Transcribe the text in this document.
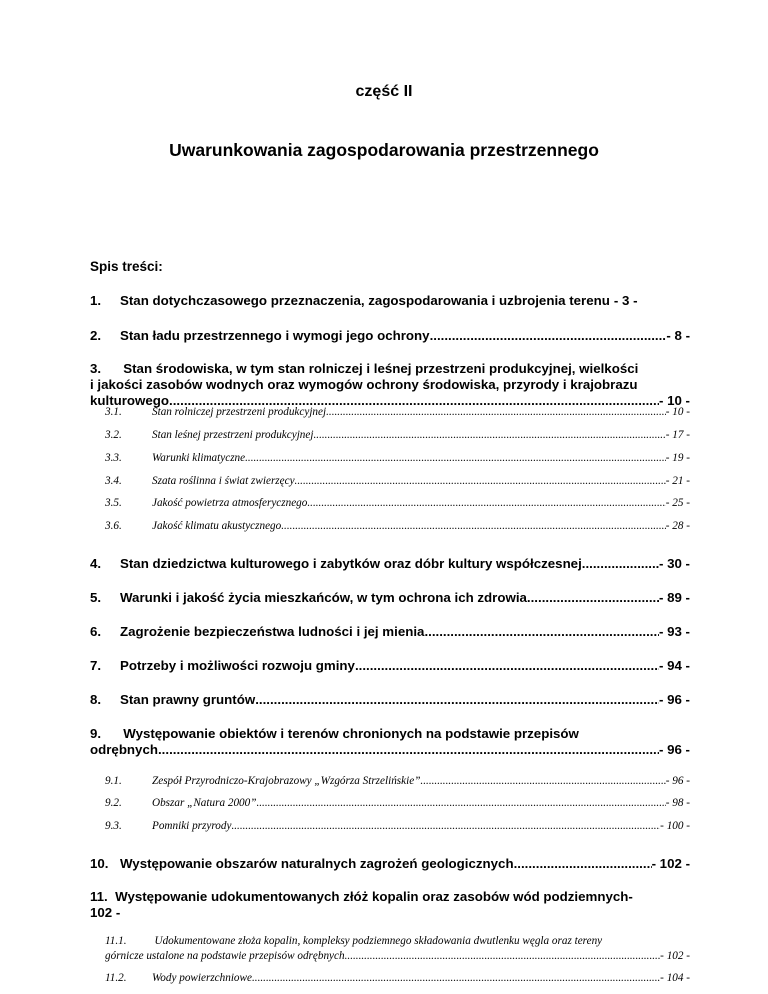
część II
Uwarunkowania zagospodarowania przestrzennego
Spis treści:
1.	Stan dotychczasowego przeznaczenia, zagospodarowania i uzbrojenia terenu - 3 -
2.	Stan ładu przestrzennego i wymogi jego ochrony .....	- 8 -
3.      Stan środowiska, w tym stan rolniczej i leśnej przestrzeni produkcyjnej, wielkości
i jakości zasobów wodnych oraz wymogów ochrony środowiska, przyrody i krajobrazu
kulturowego .....	- 10 -
3.1.	Stan rolniczej przestrzeni produkcyjnej .....	- 10 -
3.2.	Stan leśnej przestrzeni produkcyjnej .....	- 17 -
3.3.	Warunki klimatyczne .....	- 19 -
3.4.	Szata roślinna i świat zwierzęcy .....	- 21 -
3.5.	Jakość powietrza atmosferycznego .....	- 25 -
3.6.	Jakość klimatu akustycznego .....	- 28 -
4.	Stan dziedzictwa kulturowego i zabytków oraz dóbr kultury współczesnej .....	- 30 -
5.	Warunki i jakość życia mieszkańców, w tym ochrona ich zdrowia .....	- 89 -
6.	Zagrożenie bezpieczeństwa ludności i jej mienia .....	- 93 -
7.	Potrzeby i możliwości rozwoju gminy .....	- 94 -
8.	Stan prawny gruntów .....	- 96 -
9.      Występowanie obiektów i terenów chronionych na podstawie przepisów
odrębnych .....	- 96 -
9.1.	Zespół Przyrodniczo-Krajobrazowy „Wzgórza Strzelińskie” .....	- 96 -
9.2.	Obszar „Natura 2000” .....	- 98 -
9.3.	Pomniki przyrody .....	- 100 -
10. Występowanie obszarów naturalnych zagrożeń geologicznych .....	- 102 -
11.  Występowanie udokumentowanych złóż kopalin oraz zasobów wód podziemnych-
102 -
11.1.          Udokumentowane złoża kopalin, kompleksy podziemnego składowania dwutlenku węgla oraz tereny
górnicze ustalone na podstawie przepisów odrębnych. .....	- 102 -
11.2.	Wody powierzchniowe .....	- 104 -
